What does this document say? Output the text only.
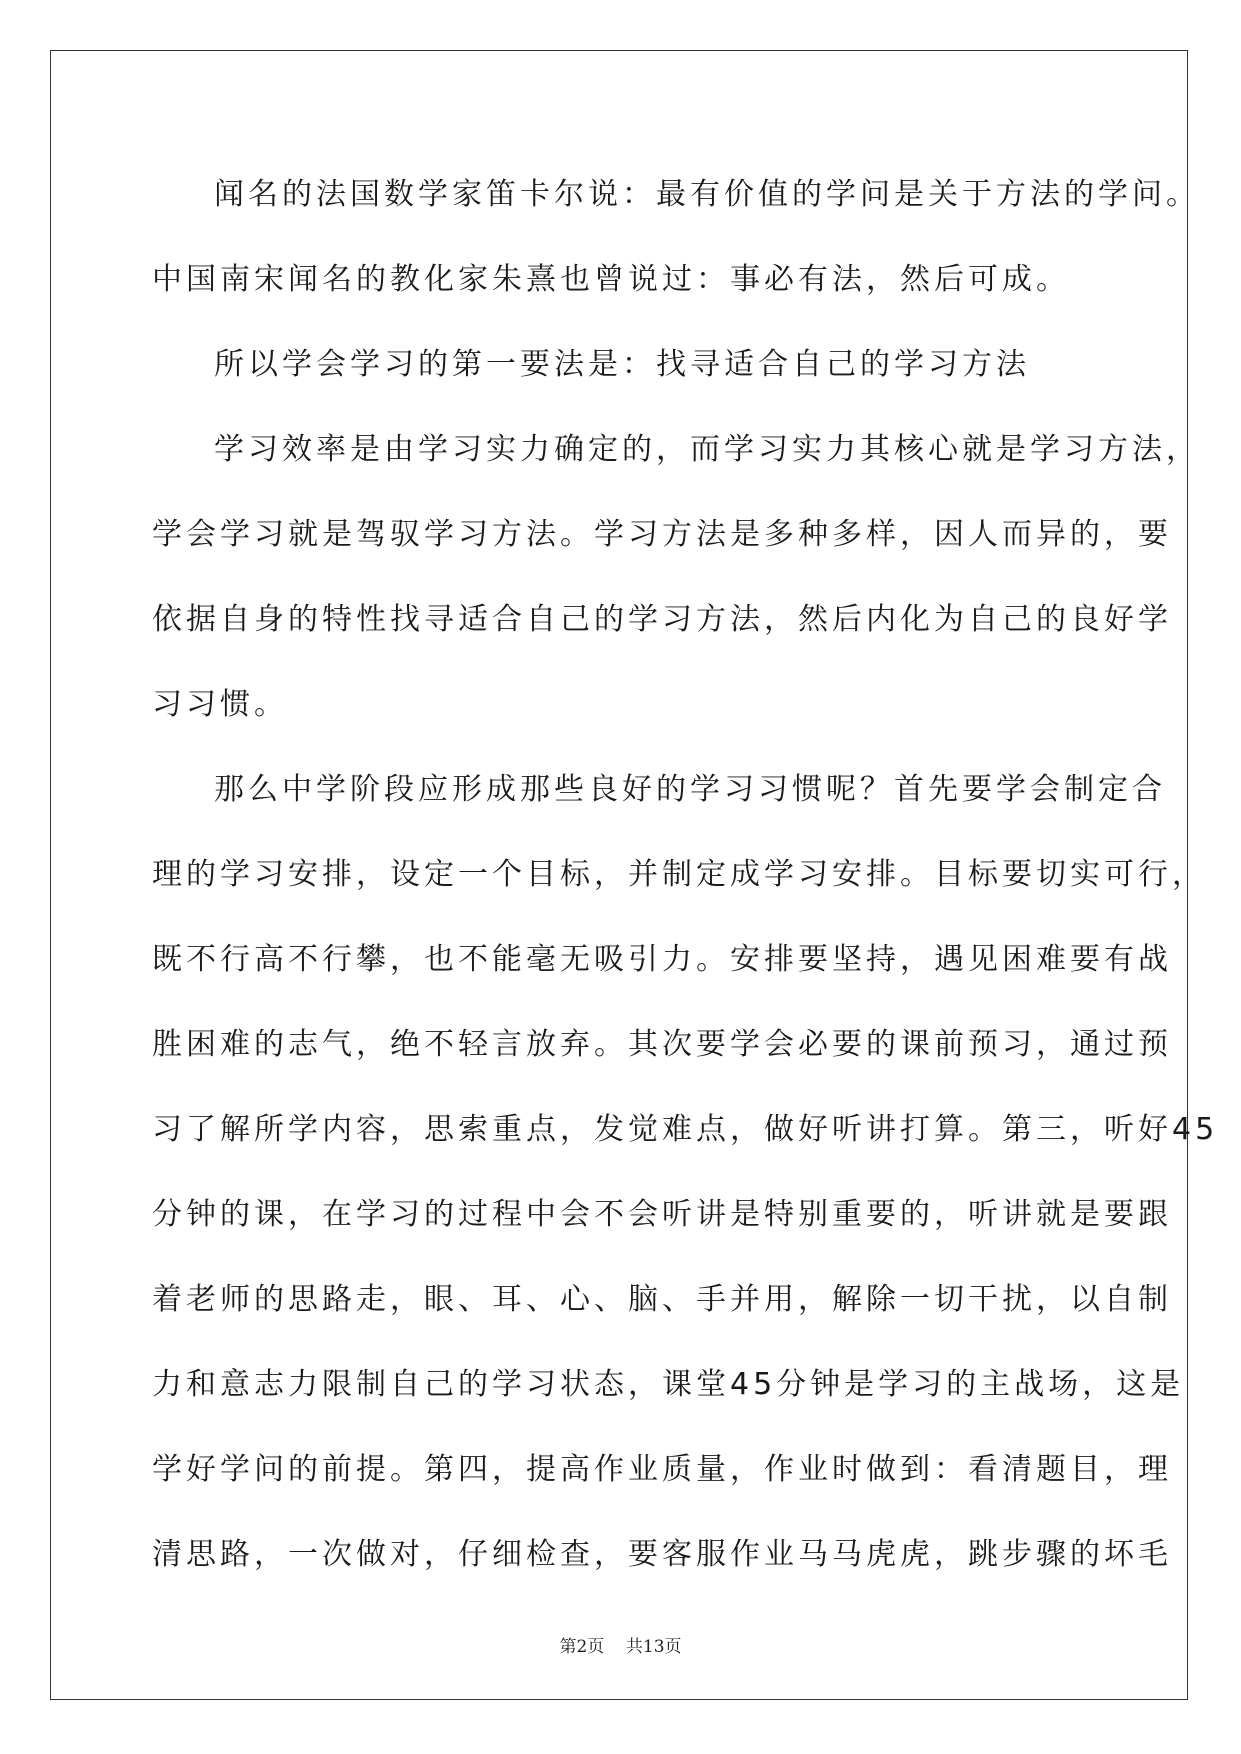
闻名的法国数学家笛卡尔说：最有价值的学问是关于方法的学问。
中国南宋闻名的教化家朱熹也曾说过：事必有法，然后可成。
所以学会学习的第一要法是：找寻适合自己的学习方法
学习效率是由学习实力确定的，而学习实力其核心就是学习方法，
学会学习就是驾驭学习方法。学习方法是多种多样，因人而异的，要
依据自身的特性找寻适合自己的学习方法，然后内化为自己的良好学
习习惯。
那么中学阶段应形成那些良好的学习习惯呢？首先要学会制定合
理的学习安排，设定一个目标，并制定成学习安排。目标要切实可行，
既不行高不行攀，也不能毫无吸引力。安排要坚持，遇见困难要有战
胜困难的志气，绝不轻言放弃。其次要学会必要的课前预习，通过预
习了解所学内容，思索重点，发觉难点，做好听讲打算。第三，听好45
分钟的课，在学习的过程中会不会听讲是特别重要的，听讲就是要跟
着老师的思路走，眼、耳、心、脑、手并用，解除一切干扰，以自制
力和意志力限制自己的学习状态，课堂45分钟是学习的主战场，这是
学好学问的前提。第四，提高作业质量，作业时做到：看清题目，理
清思路，一次做对，仔细检查，要客服作业马马虎虎，跳步骤的坏毛
第2页 共13页
